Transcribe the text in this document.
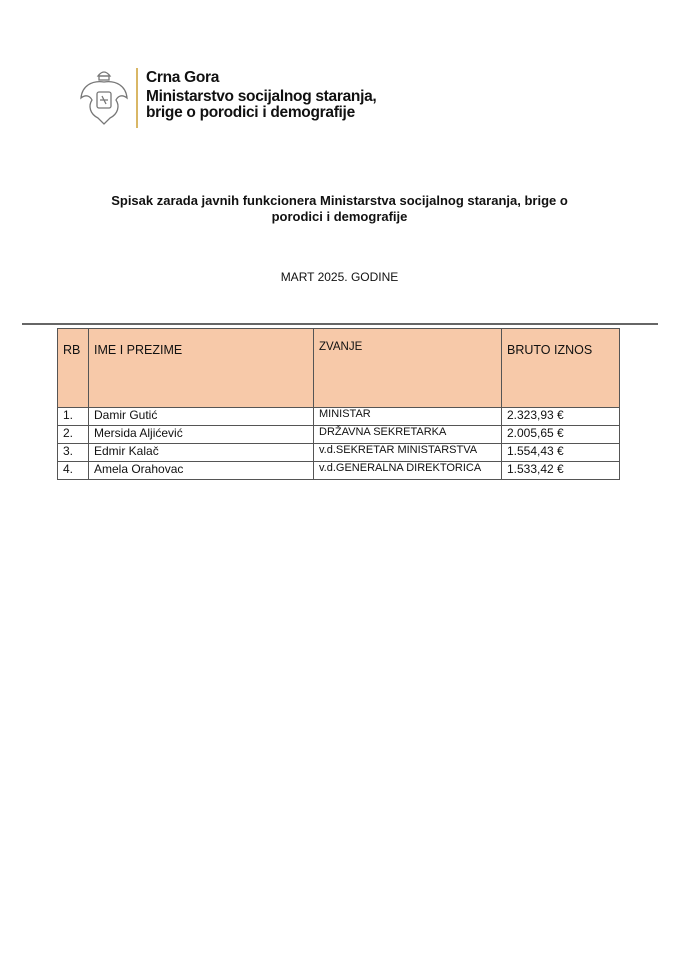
Crna Gora
Ministarstvo socijalnog staranja,
brige o porodici i demografije
Spisak zarada javnih funkcionera Ministarstva socijalnog staranja, brige o
porodici i demografije
MART 2025. GODINE
RB	IME I PREZIME	ZVANJE	BRUTO IZNOS
1.	Damir Gutić	MINISTAR	2.323,93 €
2.	Mersida Aljićević	DRŽAVNA SEKRETARKA	2.005,65 €
3.	Edmir Kalač	v.d.SEKRETAR MINISTARSTVA	1.554,43 €
4.	Amela Orahovac	v.d.GENERALNA DIREKTORICA	1.533,42 €
